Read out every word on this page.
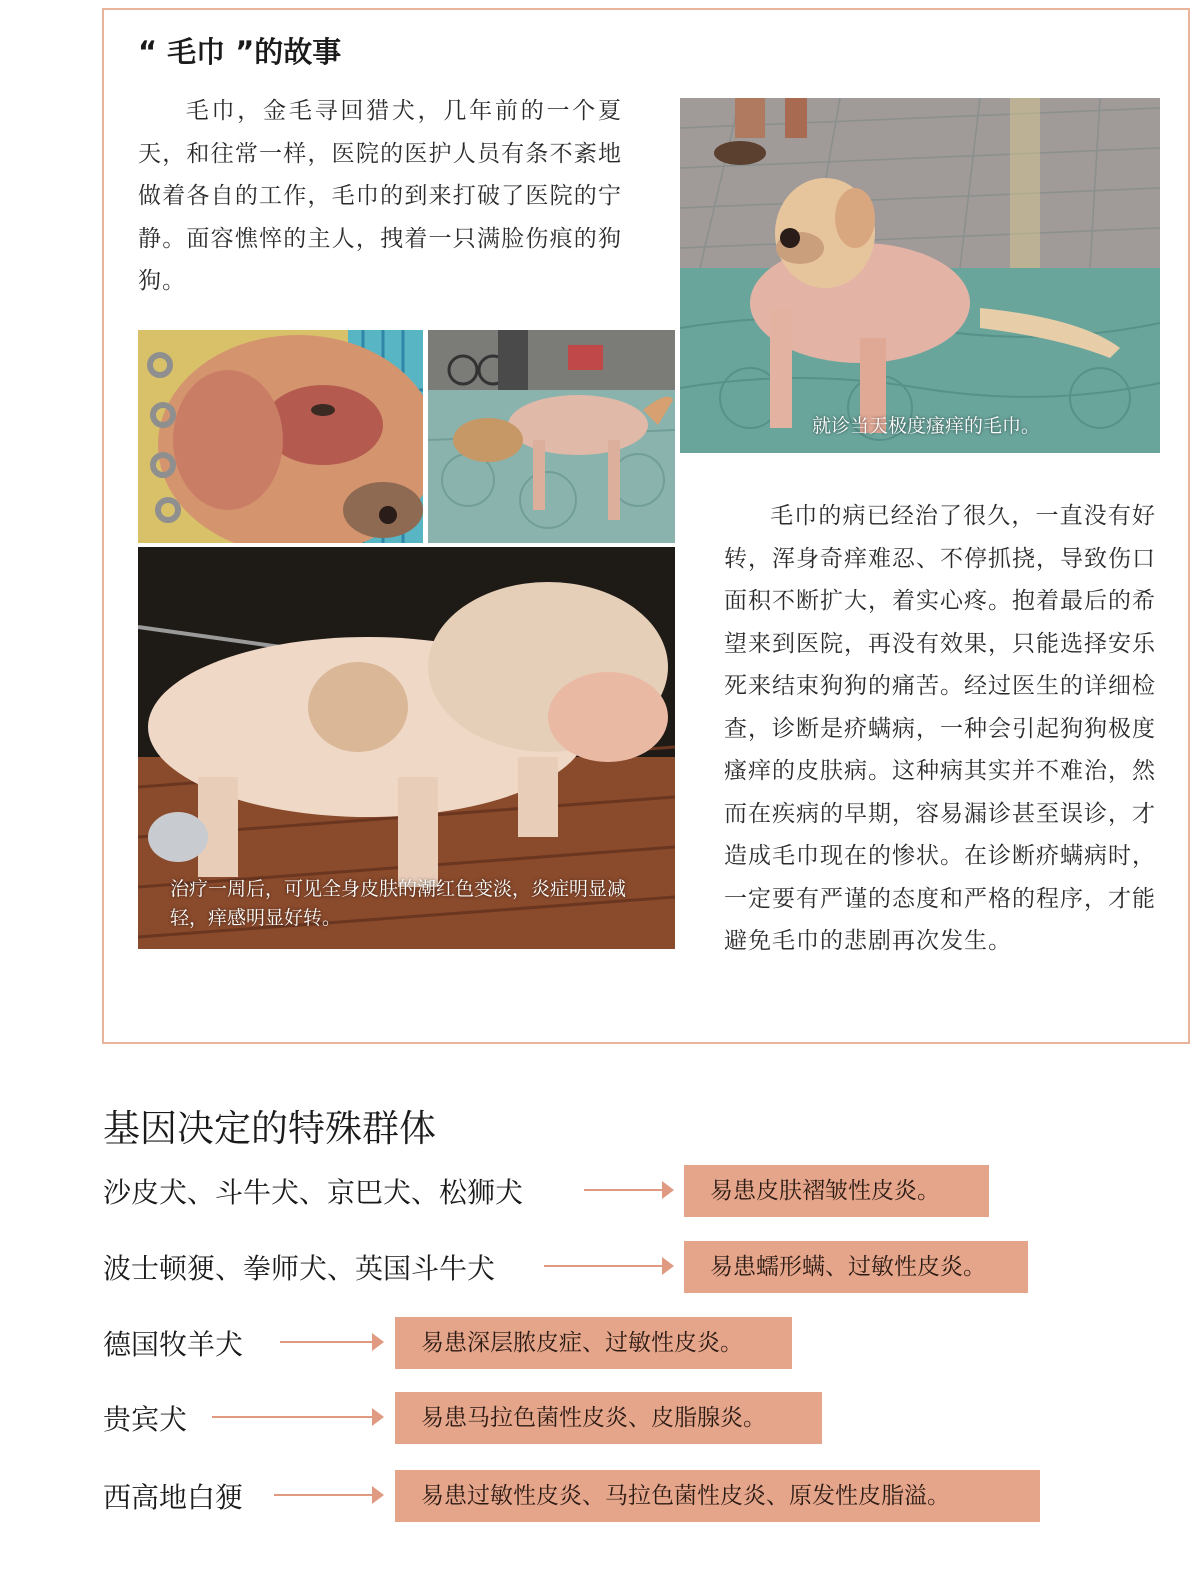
“ 毛巾 ”的故事

毛巾，金毛寻回猎犬，几年前的一个夏天，和往常一样，医院的医护人员有条不紊地做着各自的工作，毛巾的到来打破了医院的宁静。面容憔悴的主人，拽着一只满脸伤痕的狗狗。

就诊当天极度瘙痒的毛巾。
治疗一周后，可见全身皮肤的潮红色变淡，炎症明显减轻，痒感明显好转。

毛巾的病已经治了很久，一直没有好转，浑身奇痒难忍、不停抓挠，导致伤口面积不断扩大，着实心疼。抱着最后的希望来到医院，再没有效果，只能选择安乐死来结束狗狗的痛苦。经过医生的详细检查，诊断是疥螨病，一种会引起狗狗极度瘙痒的皮肤病。这种病其实并不难治，然而在疾病的早期，容易漏诊甚至误诊，才造成毛巾现在的惨状。在诊断疥螨病时，一定要有严谨的态度和严格的程序，才能避免毛巾的悲剧再次发生。

基因决定的特殊群体
沙皮犬、斗牛犬、京巴犬、松狮犬	易患皮肤褶皱性皮炎。
波士顿㹴、拳师犬、英国斗牛犬	易患蠕形螨、过敏性皮炎。
德国牧羊犬	易患深层脓皮症、过敏性皮炎。
贵宾犬	易患马拉色菌性皮炎、皮脂腺炎。
西高地白㹴	易患过敏性皮炎、马拉色菌性皮炎、原发性皮脂溢。
